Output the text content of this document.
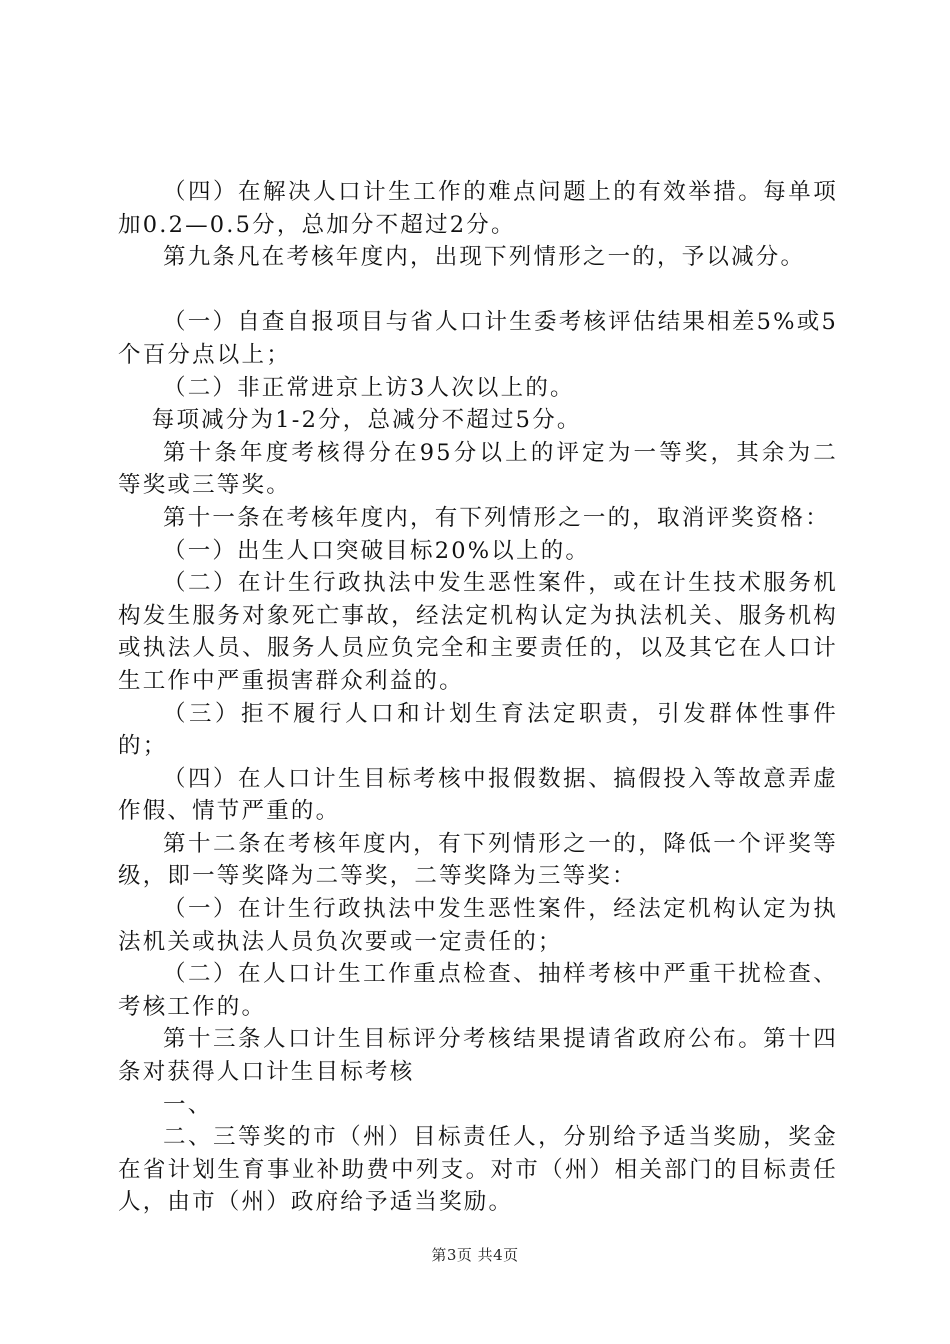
（四）在解决人口计生工作的难点问题上的有效举措。每单项加0.2—0.5分，总加分不超过2分。

第九条凡在考核年度内，出现下列情形之一的，予以减分。

（一）自查自报项目与省人口计生委考核评估结果相差5%或5个百分点以上；

（二）非正常进京上访3人次以上的。

每项减分为1-2分，总减分不超过5分。

第十条年度考核得分在95分以上的评定为一等奖，其余为二等奖或三等奖。

第十一条在考核年度内，有下列情形之一的，取消评奖资格：

（一）出生人口突破目标20%以上的。

（二）在计生行政执法中发生恶性案件，或在计生技术服务机构发生服务对象死亡事故，经法定机构认定为执法机关、服务机构或执法人员、服务人员应负完全和主要责任的，以及其它在人口计生工作中严重损害群众利益的。

（三）拒不履行人口和计划生育法定职责，引发群体性事件的；

（四）在人口计生目标考核中报假数据、搞假投入等故意弄虚作假、情节严重的。

第十二条在考核年度内，有下列情形之一的，降低一个评奖等级，即一等奖降为二等奖，二等奖降为三等奖：

（一）在计生行政执法中发生恶性案件，经法定机构认定为执法机关或执法人员负次要或一定责任的；

（二）在人口计生工作重点检查、抽样考核中严重干扰检查、考核工作的。

第十三条人口计生目标评分考核结果提请省政府公布。第十四条对获得人口计生目标考核

一、

二、三等奖的市（州）目标责任人，分别给予适当奖励，奖金在省计划生育事业补助费中列支。对市（州）相关部门的目标责任人，由市（州）政府给予适当奖励。

第3页 共4页
